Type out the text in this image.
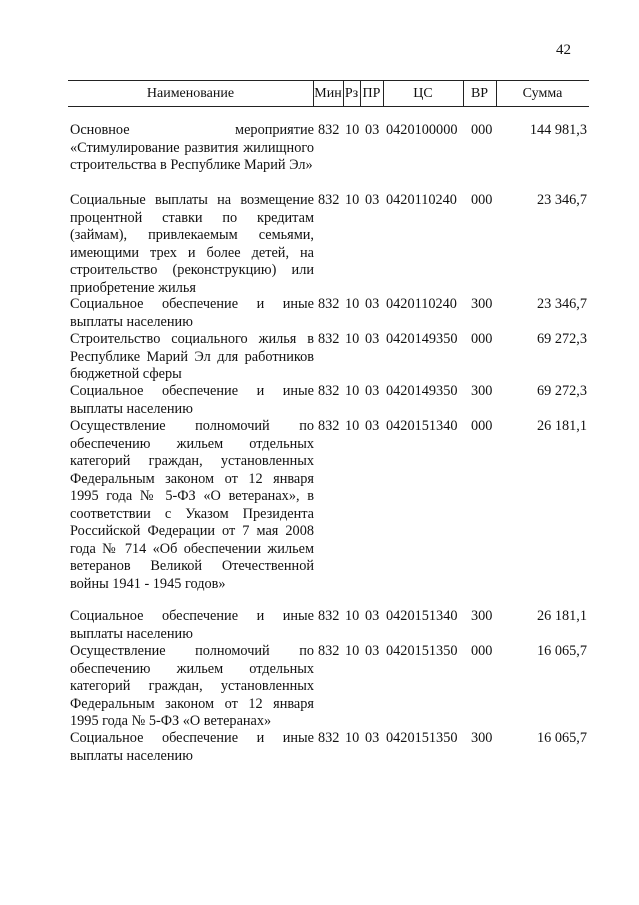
42
Наименование	Мин Рз ПР	ЦС	ВР	Сумма
Основное мероприятие «Стимулирование развития жилищного строительства в Республике Марий Эл»
832 10 03 0420100000 000	144 981,3
Социальные выплаты на возмещение процентной ставки по кредитам (займам), привлекаемым семьями, имеющими трех и более детей, на строительство (реконструкцию) или приобретение жилья
832 10 03 0420110240 000	23 346,7
Социальное обеспечение и иные выплаты населению
832 10 03 0420110240 300	23 346,7
Строительство социального жилья в Республике Марий Эл для работников бюджетной сферы
832 10 03 0420149350 000	69 272,3
Социальное обеспечение и иные выплаты населению
832 10 03 0420149350 300	69 272,3
Осуществление полномочий по обеспечению жильем отдельных категорий граждан, установленных Федеральным законом от 12 января 1995 года № 5-ФЗ «О ветеранах», в соответствии с Указом Президента Российской Федерации от 7 мая 2008 года № 714 «Об обеспечении жильем ветеранов Великой Отечественной войны 1941 - 1945 годов»
832 10 03 0420151340 000	26 181,1
Социальное обеспечение и иные выплаты населению
832 10 03 0420151340 300	26 181,1
Осуществление полномочий по обеспечению жильем отдельных категорий граждан, установленных Федеральным законом от 12 января 1995 года № 5-ФЗ «О ветеранах»
832 10 03 0420151350 000	16 065,7
Социальное обеспечение и иные выплаты населению
832 10 03 0420151350 300	16 065,7
